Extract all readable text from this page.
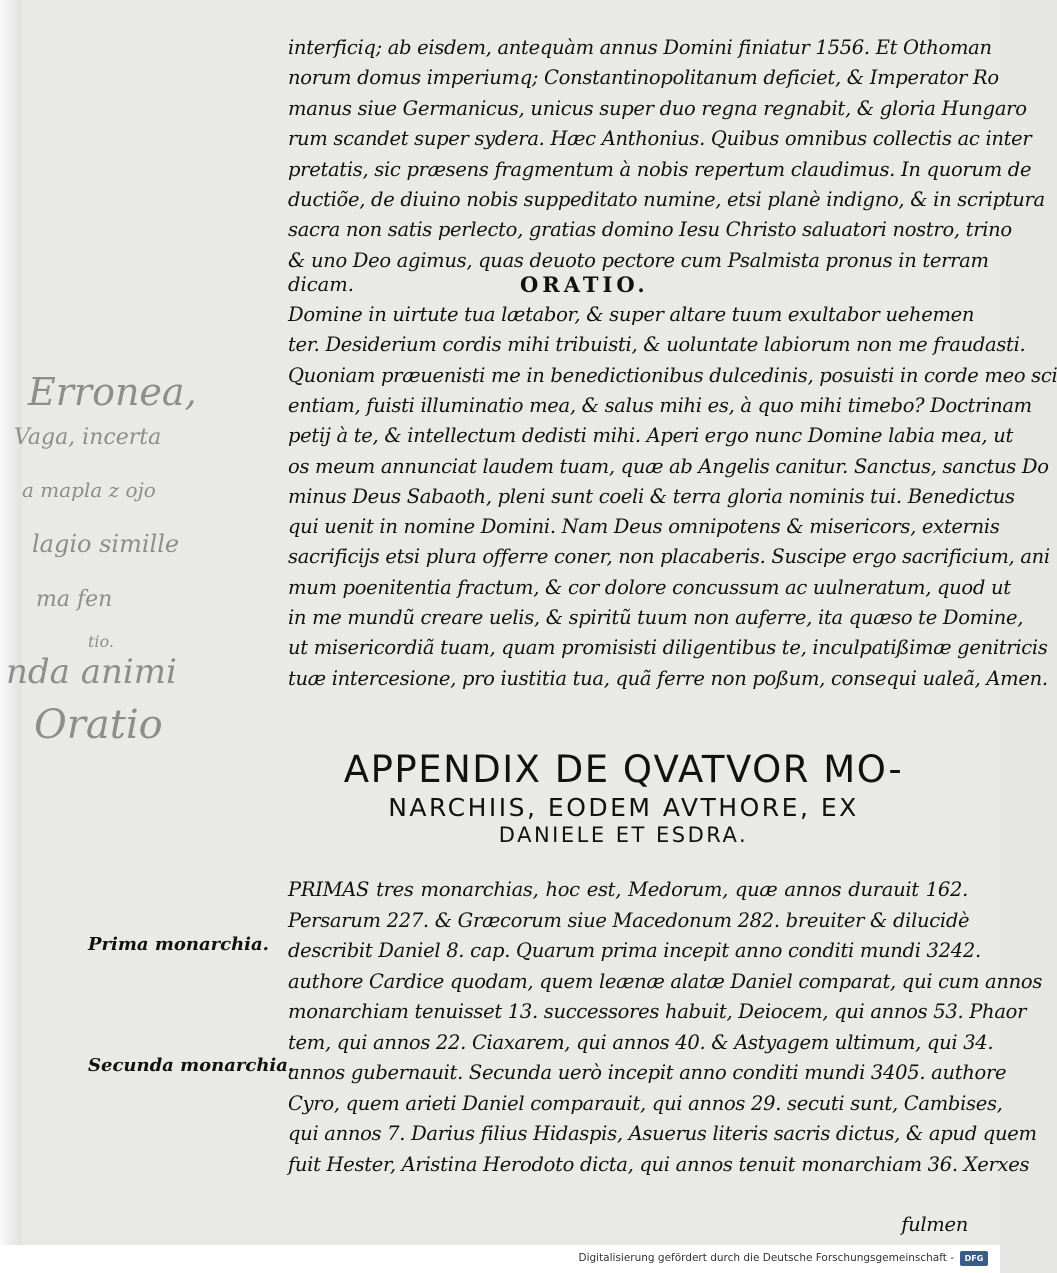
interficiq; ab eisdem, antequàm annus Domini finiatur 1556. Et Othoman
norum domus imperiumq; Constantinopolitanum deficiet, & Imperator Ro
manus siue Germanicus, unicus super duo regna regnabit, & gloria Hungaro
rum scandet super sydera. Hæc Anthonius. Quibus omnibus collectis ac inter
pretatis, sic præsens fragmentum à nobis repertum claudimus. In quorum de
ductiõe, de diuino nobis suppeditato numine, etsi planè indigno, & in scriptura
sacra non satis perlecto, gratias domino Iesu Christo saluatori nostro, trino
& uno Deo agimus, quas deuoto pectore cum Psalmista pronus in terram
dicam.	ORATIO.
Domine in uirtute tua lætabor, & super altare tuum exultabor uehemen
ter. Desiderium cordis mihi tribuisti, & uoluntate labiorum non me fraudasti.
Quoniam præuenisti me in benedictionibus dulcedinis, posuisti in corde meo sci
entiam, fuisti illuminatio mea, & salus mihi es, à quo mihi timebo? Doctrinam
petij à te, & intellectum dedisti mihi. Aperi ergo nunc Domine labia mea, ut
os meum annunciat laudem tuam, quæ ab Angelis canitur. Sanctus, sanctus Do
minus Deus Sabaoth, pleni sunt coeli & terra gloria nominis tui. Benedictus
qui uenit in nomine Domini. Nam Deus omnipotens & misericors, externis
sacrificijs etsi plura offerre coner, non placaberis. Suscipe ergo sacrificium, ani
mum poenitentia fractum, & cor dolore concussum ac uulneratum, quod ut
in me mundũ creare uelis, & spiritũ tuum non auferre, ita quæso te Domine,
ut misericordiã tuam, quam promisisti diligentibus te, inculpatißimæ genitricis
tuæ intercesione, pro iustitia tua, quã ferre non poßum, consequi ualeã, Amen.
APPENDIX DE QVATVOR MO-
NARCHIIS, EODEM AVTHORE, EX
DANIELE ET ESDRA.
PRIMAS tres monarchias, hoc est, Medorum, quæ annos durauit 162.
Persarum 227. & Græcorum siue Macedonum 282. breuiter & dilucidè
describit Daniel 8. cap. Quarum prima incepit anno conditi mundi 3242.
authore Cardice quodam, quem leænæ alatæ Daniel comparat, qui cum annos
monarchiam tenuisset 13. successores habuit, Deiocem, qui annos 53. Phaor
tem, qui annos 22. Ciaxarem, qui annos 40. & Astyagem ultimum, qui 34.
annos gubernauit. Secunda uerò incepit anno conditi mundi 3405. authore
Cyro, quem arieti Daniel comparauit, qui annos 29. secuti sunt, Cambises,
qui annos 7. Darius filius Hidaspis, Asuerus literis sacris dictus, & apud quem
fuit Hester, Aristina Herodoto dicta, qui annos tenuit monarchiam 36. Xerxes
fulmen
Prima monarchia.
Secunda monarchia.
Erronea,
Vaga, incerta
a mapla z ojo
lagio simille
ma fen
tio.
nda animi
Oratio
Digitalisierung gefördert durch die Deutsche Forschungsgemeinschaft -	DFG
